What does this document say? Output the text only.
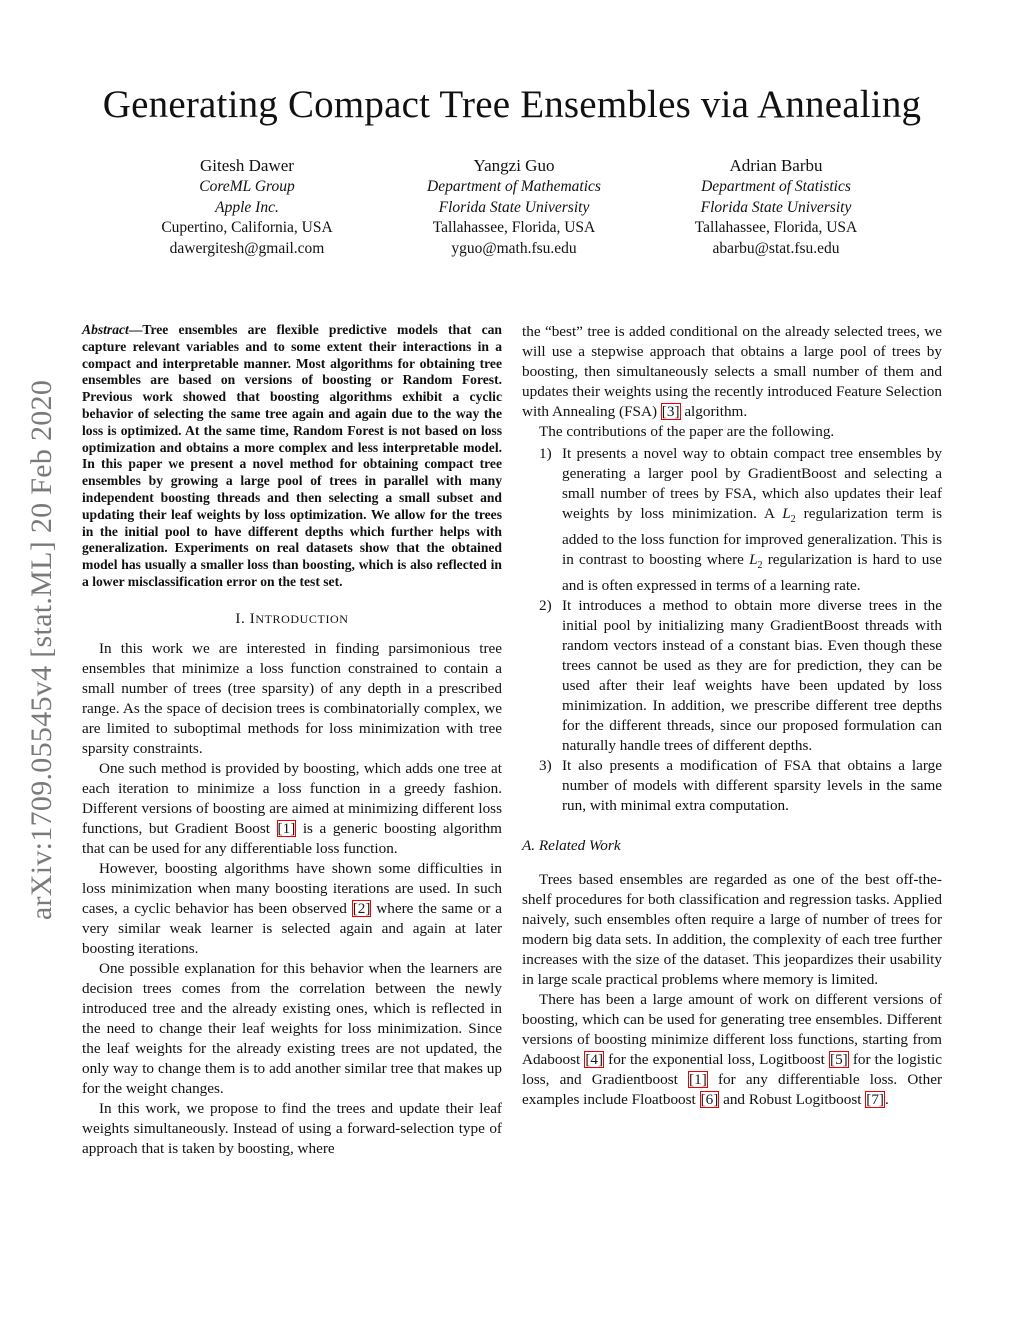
arXiv:1709.05545v4 [stat.ML] 20 Feb 2020
Generating Compact Tree Ensembles via Annealing
Gitesh Dawer
CoreML Group
Apple Inc.
Cupertino, California, USA
dawergitesh@gmail.com
Yangzi Guo
Department of Mathematics
Florida State University
Tallahassee, Florida, USA
yguo@math.fsu.edu
Adrian Barbu
Department of Statistics
Florida State University
Tallahassee, Florida, USA
abarbu@stat.fsu.edu

Abstract—Tree ensembles are flexible predictive models that can capture relevant variables and to some extent their interactions in a compact and interpretable manner. Most algorithms for obtaining tree ensembles are based on versions of boosting or Random Forest. Previous work showed that boosting algorithms exhibit a cyclic behavior of selecting the same tree again and again due to the way the loss is optimized. At the same time, Random Forest is not based on loss optimization and obtains a more complex and less interpretable model. In this paper we present a novel method for obtaining compact tree ensembles by growing a large pool of trees in parallel with many independent boosting threads and then selecting a small subset and updating their leaf weights by loss optimization. We allow for the trees in the initial pool to have different depths which further helps with generalization. Experiments on real datasets show that the obtained model has usually a smaller loss than boosting, which is also reflected in a lower misclassification error on the test set.

I. INTRODUCTION

In this work we are interested in finding parsimonious tree ensembles that minimize a loss function constrained to contain a small number of trees (tree sparsity) of any depth in a prescribed range. As the space of decision trees is combinatorially complex, we are limited to suboptimal methods for loss minimization with tree sparsity constraints.

One such method is provided by boosting, which adds one tree at each iteration to minimize a loss function in a greedy fashion. Different versions of boosting are aimed at minimizing different loss functions, but Gradient Boost [1] is a generic boosting algorithm that can be used for any differentiable loss function.

However, boosting algorithms have shown some difficulties in loss minimization when many boosting iterations are used. In such cases, a cyclic behavior has been observed [2] where the same or a very similar weak learner is selected again and again at later boosting iterations.

One possible explanation for this behavior when the learners are decision trees comes from the correlation between the newly introduced tree and the already existing ones, which is reflected in the need to change their leaf weights for loss minimization. Since the leaf weights for the already existing trees are not updated, the only way to change them is to add another similar tree that makes up for the weight changes.

In this work, we propose to find the trees and update their leaf weights simultaneously. Instead of using a forward-selection type of approach that is taken by boosting, where

the “best” tree is added conditional on the already selected trees, we will use a stepwise approach that obtains a large pool of trees by boosting, then simultaneously selects a small number of them and updates their weights using the recently introduced Feature Selection with Annealing (FSA) [3] algorithm.

The contributions of the paper are the following.

1) It presents a novel way to obtain compact tree ensembles by generating a larger pool by GradientBoost and selecting a small number of trees by FSA, which also updates their leaf weights by loss minimization. A $L_2$ regularization term is added to the loss function for improved generalization. This is in contrast to boosting where $L_2$ regularization is hard to use and is often expressed in terms of a learning rate.
2) It introduces a method to obtain more diverse trees in the initial pool by initializing many GradientBoost threads with random vectors instead of a constant bias. Even though these trees cannot be used as they are for prediction, they can be used after their leaf weights have been updated by loss minimization. In addition, we prescribe different tree depths for the different threads, since our proposed formulation can naturally handle trees of different depths.
3) It also presents a modification of FSA that obtains a large number of models with different sparsity levels in the same run, with minimal extra computation.
A. Related Work

Trees based ensembles are regarded as one of the best off-the-shelf procedures for both classification and regression tasks. Applied naively, such ensembles often require a large of number of trees for modern big data sets. In addition, the complexity of each tree further increases with the size of the dataset. This jeopardizes their usability in large scale practical problems where memory is limited.

There has been a large amount of work on different versions of boosting, which can be used for generating tree ensembles. Different versions of boosting minimize different loss functions, starting from Adaboost [4] for the exponential loss, Logitboost [5] for the logistic loss, and Gradientboost [1] for any differentiable loss. Other examples include Floatboost [6] and Robust Logitboost [7].
